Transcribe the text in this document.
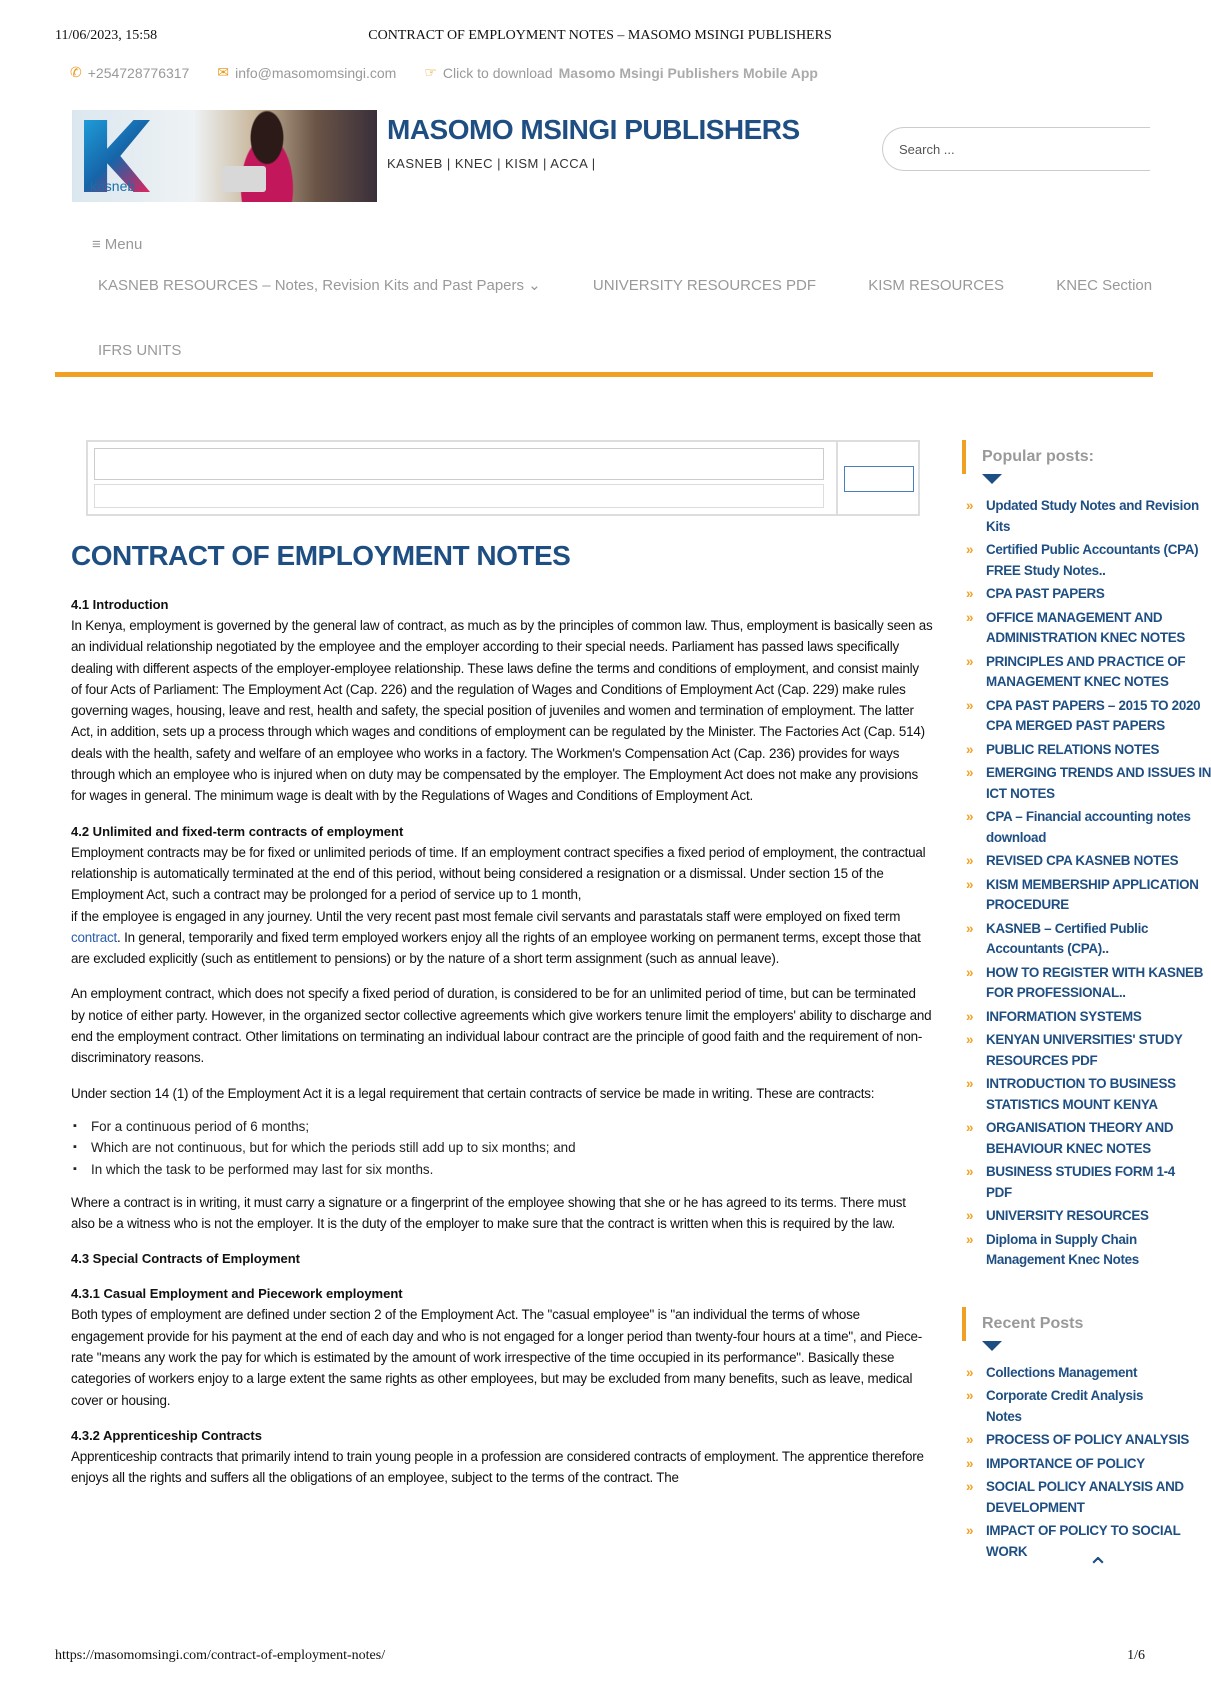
11/06/2023, 15:58	CONTRACT OF EMPLOYMENT NOTES – MASOMO MSINGI PUBLISHERS
✆ +254728776317 ✉ info@masomomsingi.com ☞ Click to download Masomo Msingi Publishers Mobile App
kasneb
MASOMO MSINGI PUBLISHERS
KASNEB | KNEC | KISM | ACCA |
Search ...
≡ Menu
KASNEB RESOURCES – Notes, Revision Kits and Past Papers ⌄	UNIVERSITY RESOURCES PDF	KISM RESOURCES	KNEC Section
IFRS UNITS
CONTRACT OF EMPLOYMENT NOTES
4.1 Introduction

In Kenya, employment is governed by the general law of contract, as much as by the principles of common law. Thus, employment is basically seen as an individual relationship negotiated by the employee and the employer according to their special needs. Parliament has passed laws specifically dealing with different aspects of the employer-employee relationship. These laws define the terms and conditions of employment, and consist mainly of four Acts of Parliament: The Employment Act (Cap. 226) and the regulation of Wages and Conditions of Employment Act (Cap. 229) make rules governing wages, housing, leave and rest, health and safety, the special position of juveniles and women and termination of employment. The latter Act, in addition, sets up a process through which wages and conditions of employment can be regulated by the Minister. The Factories Act (Cap. 514) deals with the health, safety and welfare of an employee who works in a factory. The Workmen's Compensation Act (Cap. 236) provides for ways through which an employee who is injured when on duty may be compensated by the employer. The Employment Act does not make any provisions for wages in general. The minimum wage is dealt with by the Regulations of Wages and Conditions of Employment Act.

4.2 Unlimited and fixed-term contracts of employment

Employment contracts may be for fixed or unlimited periods of time. If an employment contract specifies a fixed period of employment, the contractual relationship is automatically terminated at the end of this period, without being considered a resignation or a dismissal. Under section 15 of the Employment Act, such a contract may be prolonged for a period of service up to 1 month,

if the employee is engaged in any journey. Until the very recent past most female civil servants and parastatals staff were employed on fixed term contract. In general, temporarily and fixed term employed workers enjoy all the rights of an employee working on permanent terms, except those that are excluded explicitly (such as entitlement to pensions) or by the nature of a short term assignment (such as annual leave).

An employment contract, which does not specify a fixed period of duration, is considered to be for an unlimited period of time, but can be terminated by notice of either party. However, in the organized sector collective agreements which give workers tenure limit the employers' ability to discharge and end the employment contract. Other limitations on terminating an individual labour contract are the principle of good faith and the requirement of non-discriminatory reasons.

Under section 14 (1) of the Employment Act it is a legal requirement that certain contracts of service be made in writing. These are contracts:

▪ For a continuous period of 6 months;
▪ Which are not continuous, but for which the periods still add up to six months; and
▪ In which the task to be performed may last for six months.

Where a contract is in writing, it must carry a signature or a fingerprint of the employee showing that she or he has agreed to its terms. There must also be a witness who is not the employer. It is the duty of the employer to make sure that the contract is written when this is required by the law.

4.3 Special Contracts of Employment
4.3.1 Casual Employment and Piecework employment

Both types of employment are defined under section 2 of the Employment Act. The "casual employee" is "an individual the terms of whose engagement provide for his payment at the end of each day and who is not engaged for a longer period than twenty-four hours at a time", and Piece-rate "means any work the pay for which is estimated by the amount of work irrespective of the time occupied in its performance". Basically these categories of workers enjoy to a large extent the same rights as other employees, but may be excluded from many benefits, such as leave, medical cover or housing.

4.3.2 Apprenticeship Contracts

Apprenticeship contracts that primarily intend to train young people in a profession are considered contracts of employment. The apprentice therefore enjoys all the rights and suffers all the obligations of an employee, subject to the terms of the contract. The

Popular posts:
» Updated Study Notes and Revision
Kits
» Certified Public Accountants (CPA)
FREE Study Notes..
» CPA PAST PAPERS
» OFFICE MANAGEMENT AND
ADMINISTRATION KNEC NOTES
» PRINCIPLES AND PRACTICE OF
MANAGEMENT KNEC NOTES
» CPA PAST PAPERS – 2015 TO 2020
CPA MERGED PAST PAPERS
» PUBLIC RELATIONS NOTES
» EMERGING TRENDS AND ISSUES IN
ICT NOTES
» CPA – Financial accounting notes
download
» REVISED CPA KASNEB NOTES
» KISM MEMBERSHIP APPLICATION
PROCEDURE
» KASNEB – Certified Public
Accountants (CPA)..
» HOW TO REGISTER WITH KASNEB
FOR PROFESSIONAL..
» INFORMATION SYSTEMS
» KENYAN UNIVERSITIES' STUDY
RESOURCES PDF
» INTRODUCTION TO BUSINESS
STATISTICS MOUNT KENYA
» ORGANISATION THEORY AND
BEHAVIOUR KNEC NOTES
» BUSINESS STUDIES FORM 1-4
PDF
» UNIVERSITY RESOURCES
» Diploma in Supply Chain
Management Knec Notes
Recent Posts
» Collections Management
» Corporate Credit Analysis
Notes
» PROCESS OF POLICY ANALYSIS
» IMPORTANCE OF POLICY
» SOCIAL POLICY ANALYSIS AND
DEVELOPMENT
» IMPACT OF POLICY TO SOCIAL
WORK
⌃
https://masomomsingi.com/contract-of-employment-notes/	1/6
